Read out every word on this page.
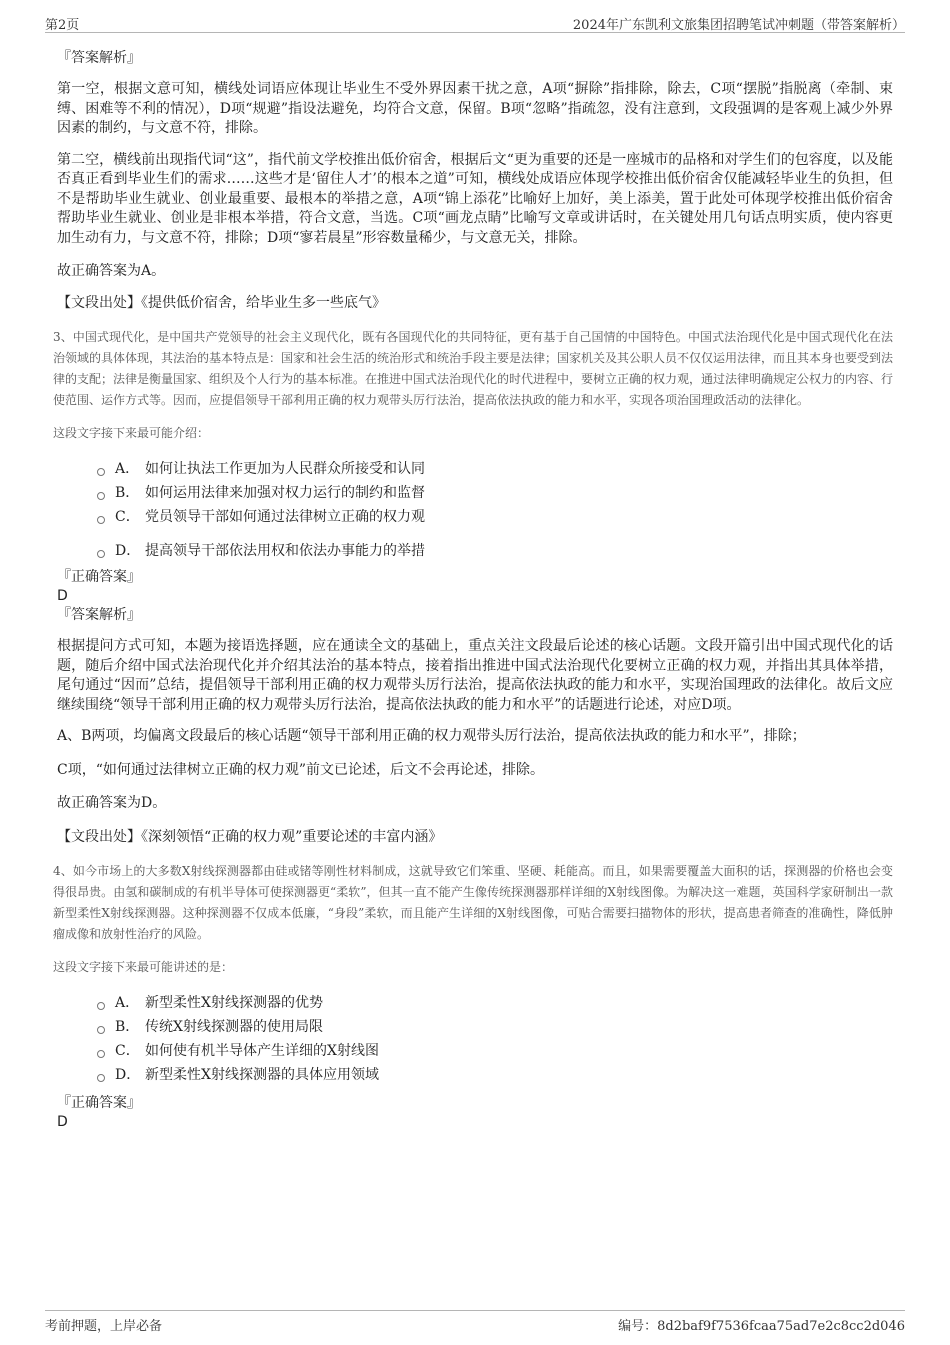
第2页	2024年广东凯利文旅集团招聘笔试冲刺题（带答案解析）
『答案解析』

第一空，根据文意可知，横线处词语应体现让毕业生不受外界因素干扰之意，A项“摒除”指排除，除去，C项“摆脱”指脱离（牵制、束缚、困难等不利的情况），D项“规避”指设法避免，均符合文意，保留。B项“忽略”指疏忽，没有注意到，文段强调的是客观上减少外界因素的制约，与文意不符，排除。

第二空，横线前出现指代词“这”，指代前文学校推出低价宿舍，根据后文“更为重要的还是一座城市的品格和对学生们的包容度，以及能否真正看到毕业生们的需求……这些才是‘留住人才’的根本之道”可知，横线处成语应体现学校推出低价宿舍仅能减轻毕业生的负担，但不是帮助毕业生就业、创业最重要、最根本的举措之意，A项“锦上添花”比喻好上加好，美上添美，置于此处可体现学校推出低价宿舍帮助毕业生就业、创业是非根本举措，符合文意，当选。C项“画龙点睛”比喻写文章或讲话时，在关键处用几句话点明实质，使内容更加生动有力，与文意不符，排除；D项“寥若晨星”形容数量稀少，与文意无关，排除。

故正确答案为A。

【文段出处】《提供低价宿舍，给毕业生多一些底气》

3、中国式现代化，是中国共产党领导的社会主义现代化，既有各国现代化的共同特征，更有基于自己国情的中国特色。中国式法治现代化是中国式现代化在法治领域的具体体现，其法治的基本特点是：国家和社会生活的统治形式和统治手段主要是法律；国家机关及其公职人员不仅仅运用法律，而且其本身也要受到法律的支配；法律是衡量国家、组织及个人行为的基本标准。在推进中国式法治现代化的时代进程中，要树立正确的权力观，通过法律明确规定公权力的内容、行使范围、运作方式等。因而，应提倡领导干部利用正确的权力观带头厉行法治，提高依法执政的能力和水平，实现各项治国理政活动的法律化。

这段文字接下来最可能介绍：
A． 如何让执法工作更加为人民群众所接受和认同
B． 如何运用法律来加强对权力运行的制约和监督
C． 党员领导干部如何通过法律树立正确的权力观
D． 提高领导干部依法用权和依法办事能力的举措
『正确答案』
D
『答案解析』

根据提问方式可知，本题为接语选择题，应在通读全文的基础上，重点关注文段最后论述的核心话题。文段开篇引出中国式现代化的话题，随后介绍中国式法治现代化并介绍其法治的基本特点，接着指出推进中国式法治现代化要树立正确的权力观，并指出其具体举措，尾句通过“因而”总结，提倡领导干部利用正确的权力观带头厉行法治，提高依法执政的能力和水平，实现治国理政的法律化。故后文应继续围绕“领导干部利用正确的权力观带头厉行法治，提高依法执政的能力和水平”的话题进行论述，对应D项。

A、B两项，均偏离文段最后的核心话题“领导干部利用正确的权力观带头厉行法治，提高依法执政的能力和水平”，排除；

C项，“如何通过法律树立正确的权力观”前文已论述，后文不会再论述，排除。

故正确答案为D。

【文段出处】《深刻领悟“正确的权力观”重要论述的丰富内涵》

4、如今市场上的大多数X射线探测器都由硅或锗等刚性材料制成，这就导致它们笨重、坚硬、耗能高。而且，如果需要覆盖大面积的话，探测器的价格也会变得很昂贵。由氢和碳制成的有机半导体可使探测器更“柔软”，但其一直不能产生像传统探测器那样详细的X射线图像。为解决这一难题，英国科学家研制出一款新型柔性X射线探测器。这种探测器不仅成本低廉，“身段”柔软，而且能产生详细的X射线图像，可贴合需要扫描物体的形状，提高患者筛查的准确性，降低肿瘤成像和放射性治疗的风险。

这段文字接下来最可能讲述的是：
A． 新型柔性X射线探测器的优势
B． 传统X射线探测器的使用局限
C． 如何使有机半导体产生详细的X射线图
D． 新型柔性X射线探测器的具体应用领域
『正确答案』
D
考前押题，上岸必备	编号：8d2baf9f7536fcaa75ad7e2c8cc2d046
